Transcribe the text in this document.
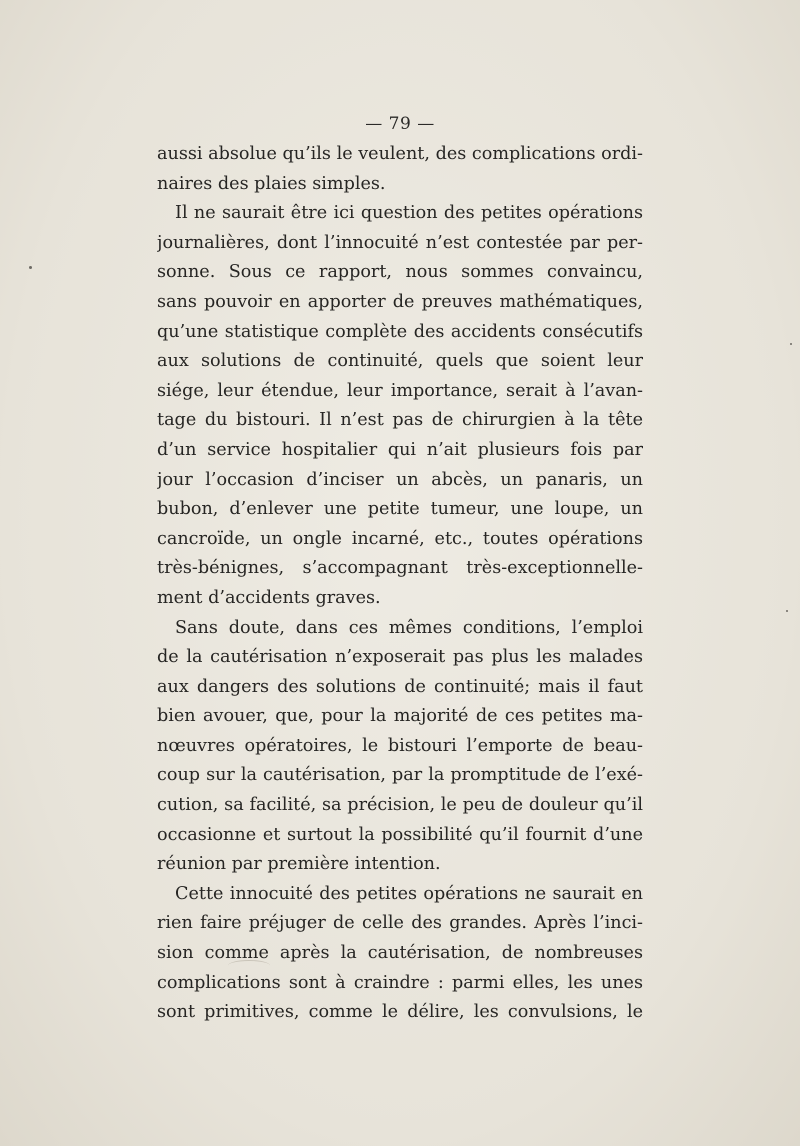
— 79 —
aussi absolue qu’ils le veulent, des complications ordi-
naires des plaies simples.
Il ne saurait être ici question des petites opérations
journalières, dont l’innocuité n’est contestée par per-
sonne. Sous ce rapport, nous sommes convaincu,
sans pouvoir en apporter de preuves mathématiques,
qu’une statistique complète des accidents consécutifs
aux solutions de continuité, quels que soient leur
siége, leur étendue, leur importance, serait à l’avan-
tage du bistouri. Il n’est pas de chirurgien à la tête
d’un service hospitalier qui n’ait plusieurs fois par
jour l’occasion d’inciser un abcès, un panaris, un
bubon, d’enlever une petite tumeur, une loupe, un
cancroïde, un ongle incarné, etc., toutes opérations
très-bénignes, s’accompagnant très-exceptionnelle-
ment d’accidents graves.
Sans doute, dans ces mêmes conditions, l’emploi
de la cautérisation n’exposerait pas plus les malades
aux dangers des solutions de continuité; mais il faut
bien avouer, que, pour la majorité de ces petites ma-
nœuvres opératoires, le bistouri l’emporte de beau-
coup sur la cautérisation, par la promptitude de l’exé-
cution, sa facilité, sa précision, le peu de douleur qu’il
occasionne et surtout la possibilité qu’il fournit d’une
réunion par première intention.
Cette innocuité des petites opérations ne saurait en
rien faire préjuger de celle des grandes. Après l’inci-
sion comme après la cautérisation, de nombreuses
complications sont à craindre : parmi elles, les unes
sont primitives, comme le délire, les convulsions, le
